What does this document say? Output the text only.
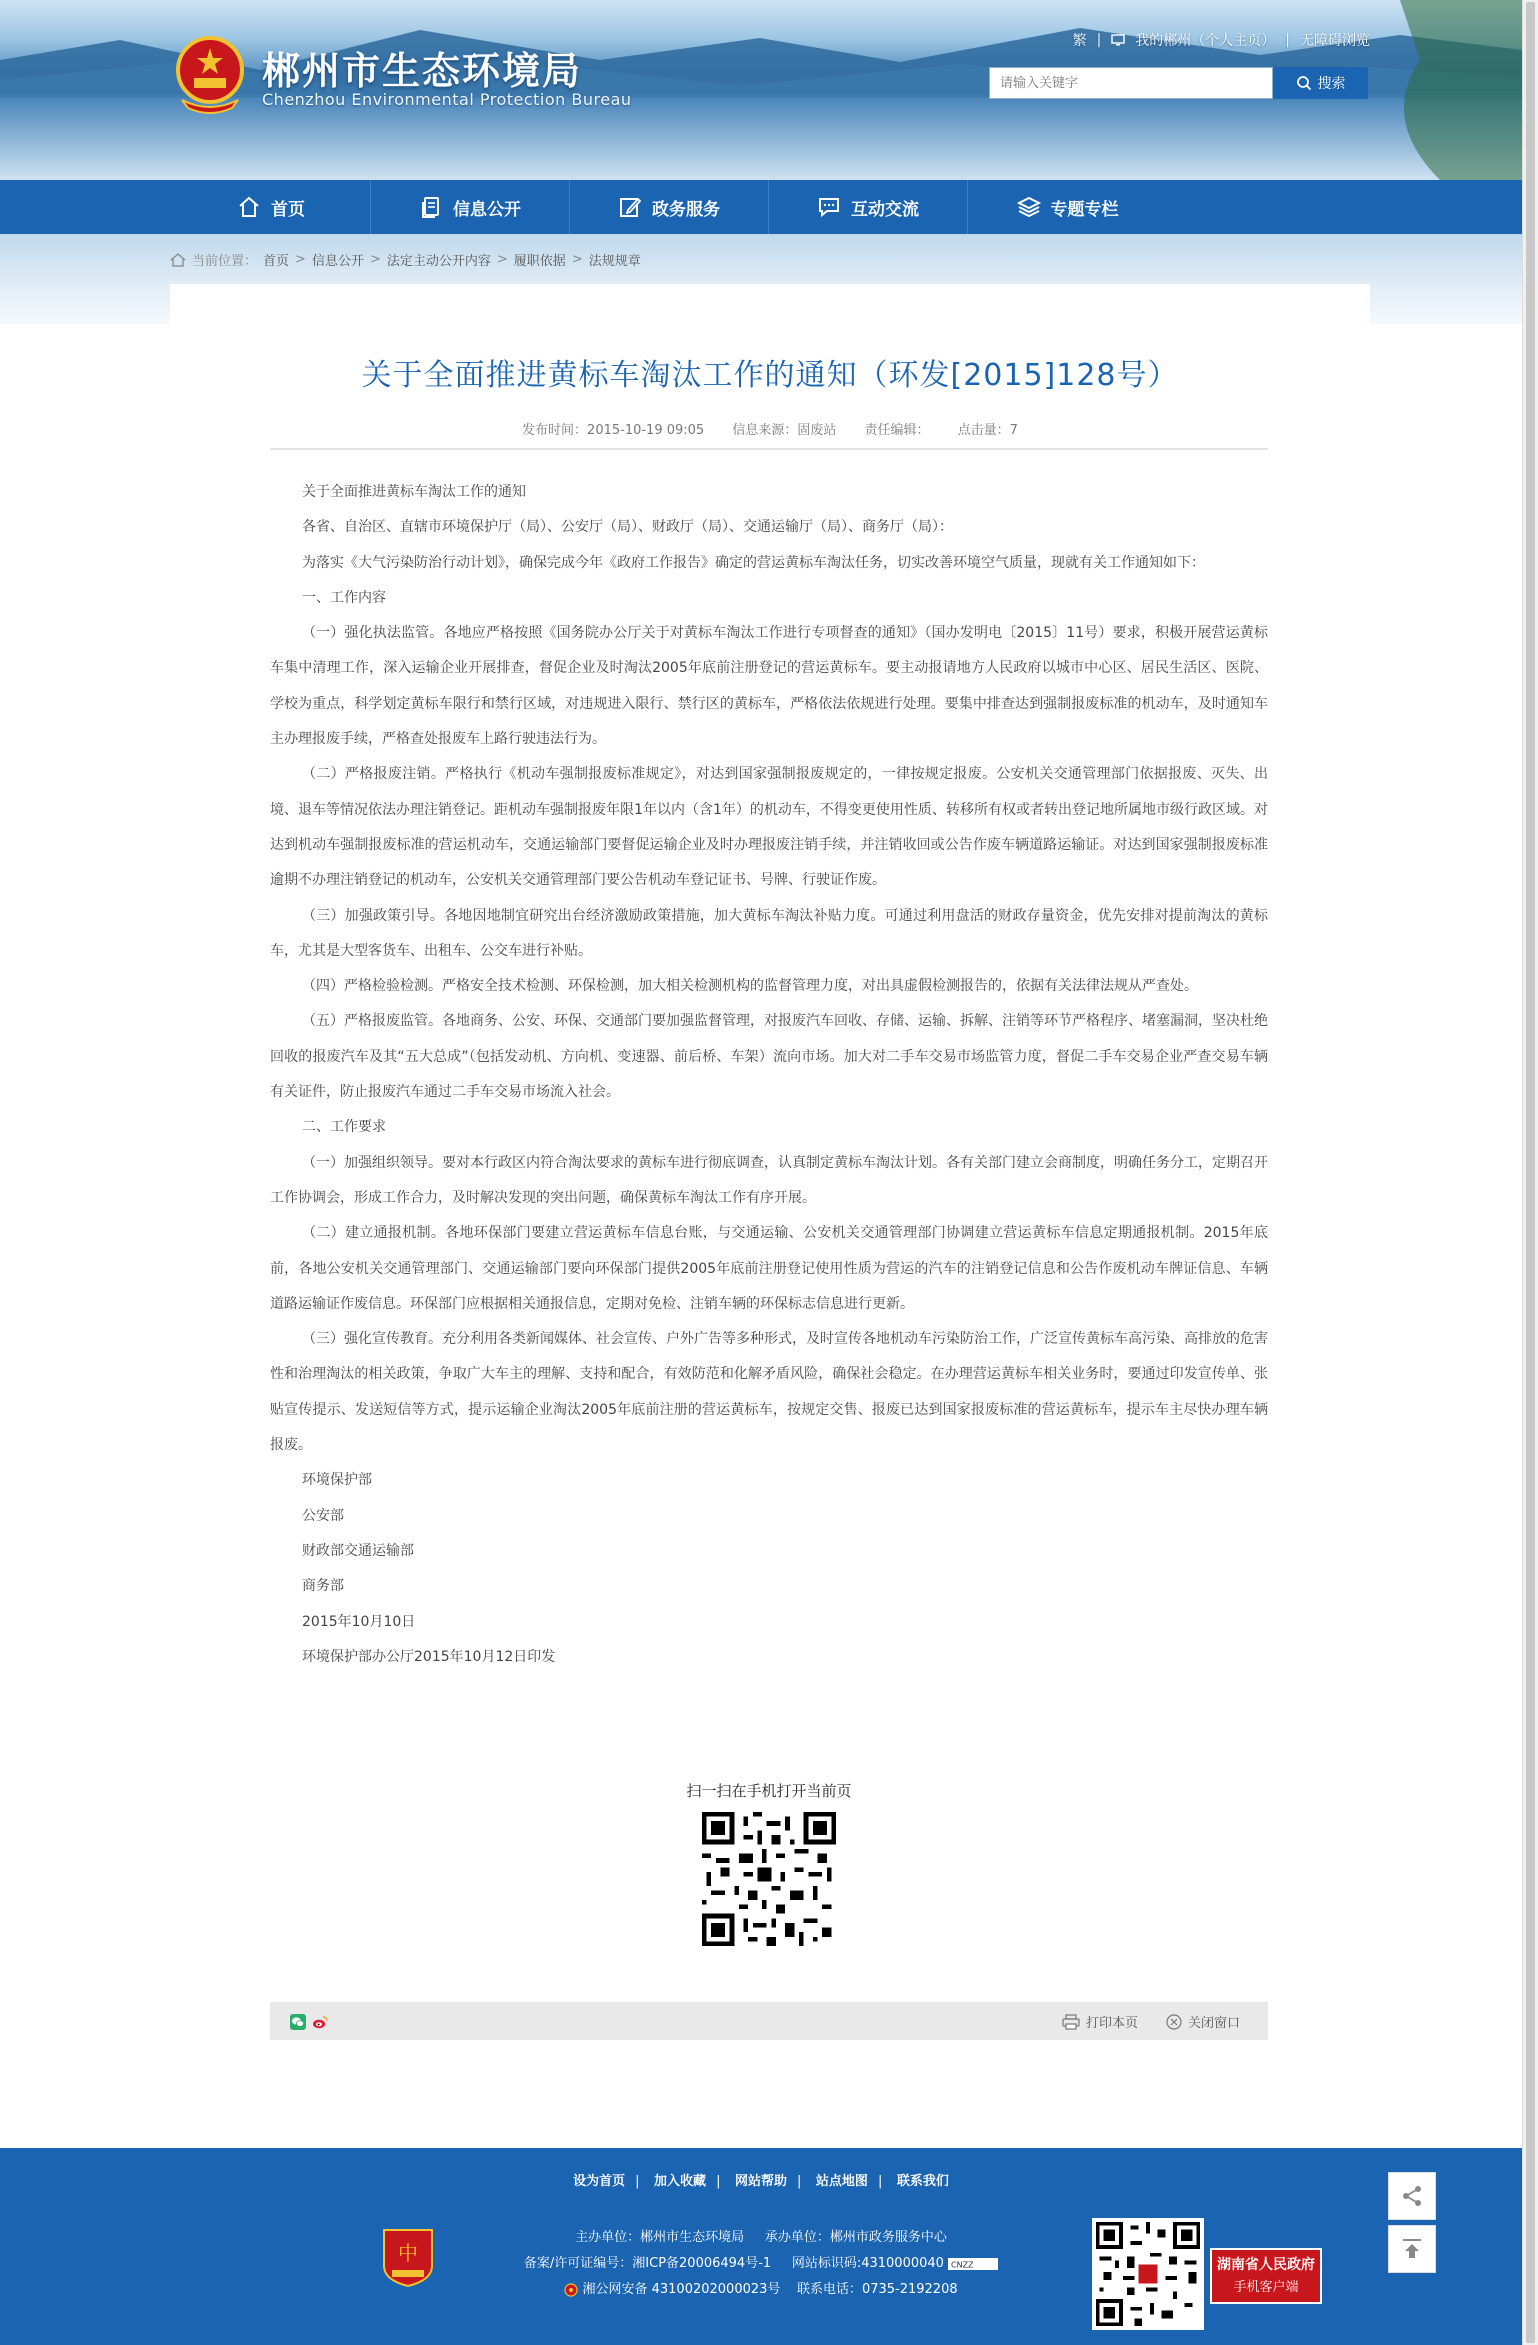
郴州市生态环境局
Chenzhou Environmental Protection Bureau
繁 | 我的郴州（个人主页） | 无障碍浏览
请输入关键字
搜索
首页	信息公开	政务服务	互动交流	专题专栏
当前位置： 首页 > 信息公开 > 法定主动公开内容 > 履职依据 > 法规规章
关于全面推进黄标车淘汰工作的通知（环发[2015]128号）
发布时间：2015-10-19 09:05 信息来源：固废站 责任编辑： 点击量：7

关于全面推进黄标车淘汰工作的通知

各省、自治区、直辖市环境保护厅（局）、公安厅（局）、财政厅（局）、交通运输厅（局）、商务厅（局）：

为落实《大气污染防治行动计划》，确保完成今年《政府工作报告》确定的营运黄标车淘汰任务，切实改善环境空气质量，现就有关工作通知如下：

一、工作内容

（一）强化执法监管。各地应严格按照《国务院办公厅关于对黄标车淘汰工作进行专项督查的通知》（国办发明电〔2015〕11号）要求，积极开展营运黄标车集中清理工作，深入运输企业开展排查，督促企业及时淘汰2005年底前注册登记的营运黄标车。要主动报请地方人民政府以城市中心区、居民生活区、医院、学校为重点，科学划定黄标车限行和禁行区域，对违规进入限行、禁行区的黄标车，严格依法依规进行处理。要集中排查达到强制报废标准的机动车，及时通知车主办理报废手续，严格查处报废车上路行驶违法行为。

（二）严格报废注销。严格执行《机动车强制报废标准规定》，对达到国家强制报废规定的，一律按规定报废。公安机关交通管理部门依据报废、灭失、出境、退车等情况依法办理注销登记。距机动车强制报废年限1年以内（含1年）的机动车，不得变更使用性质、转移所有权或者转出登记地所属地市级行政区域。对达到机动车强制报废标准的营运机动车，交通运输部门要督促运输企业及时办理报废注销手续，并注销收回或公告作废车辆道路运输证。对达到国家强制报废标准逾期不办理注销登记的机动车，公安机关交通管理部门要公告机动车登记证书、号牌、行驶证作废。

（三）加强政策引导。各地因地制宜研究出台经济激励政策措施，加大黄标车淘汰补贴力度。可通过利用盘活的财政存量资金，优先安排对提前淘汰的黄标车，尤其是大型客货车、出租车、公交车进行补贴。

（四）严格检验检测。严格安全技术检测、环保检测，加大相关检测机构的监督管理力度，对出具虚假检测报告的，依据有关法律法规从严查处。

（五）严格报废监管。各地商务、公安、环保、交通部门要加强监督管理，对报废汽车回收、存储、运输、拆解、注销等环节严格程序、堵塞漏洞，坚决杜绝回收的报废汽车及其“五大总成”（包括发动机、方向机、变速器、前后桥、车架）流向市场。加大对二手车交易市场监管力度，督促二手车交易企业严查交易车辆有关证件，防止报废汽车通过二手车交易市场流入社会。

二、工作要求

（一）加强组织领导。要对本行政区内符合淘汰要求的黄标车进行彻底调查，认真制定黄标车淘汰计划。各有关部门建立会商制度，明确任务分工，定期召开工作协调会，形成工作合力，及时解决发现的突出问题，确保黄标车淘汰工作有序开展。

（二）建立通报机制。各地环保部门要建立营运黄标车信息台账，与交通运输、公安机关交通管理部门协调建立营运黄标车信息定期通报机制。2015年底前，各地公安机关交通管理部门、交通运输部门要向环保部门提供2005年底前注册登记使用性质为营运的汽车的注销登记信息和公告作废机动车牌证信息、车辆道路运输证作废信息。环保部门应根据相关通报信息，定期对免检、注销车辆的环保标志信息进行更新。

（三）强化宣传教育。充分利用各类新闻媒体、社会宣传、户外广告等多种形式，及时宣传各地机动车污染防治工作，广泛宣传黄标车高污染、高排放的危害性和治理淘汰的相关政策，争取广大车主的理解、支持和配合，有效防范和化解矛盾风险，确保社会稳定。在办理营运黄标车相关业务时，要通过印发宣传单、张贴宣传提示、发送短信等方式，提示运输企业淘汰2005年底前注册的营运黄标车，按规定交售、报废已达到国家报废标准的营运黄标车，提示车主尽快办理车辆报废。

环境保护部

公安部

财政部交通运输部

商务部

2015年10月10日

环境保护部办公厅2015年10月12日印发

扫一扫在手机打开当前页
打印本页	关闭窗口
设为首页 | 加入收藏 | 网站帮助 | 站点地图 | 联系我们
中
主办单位：郴州市生态环境局 承办单位：郴州市政务服务中心
备案/许可证编号：湘ICP备20006494号-1 网站标识码:4310000040 CNZZ
湘公网安备 43100202000023号 联系电话：0735-2192208
湖南省人民政府
手机客户端
